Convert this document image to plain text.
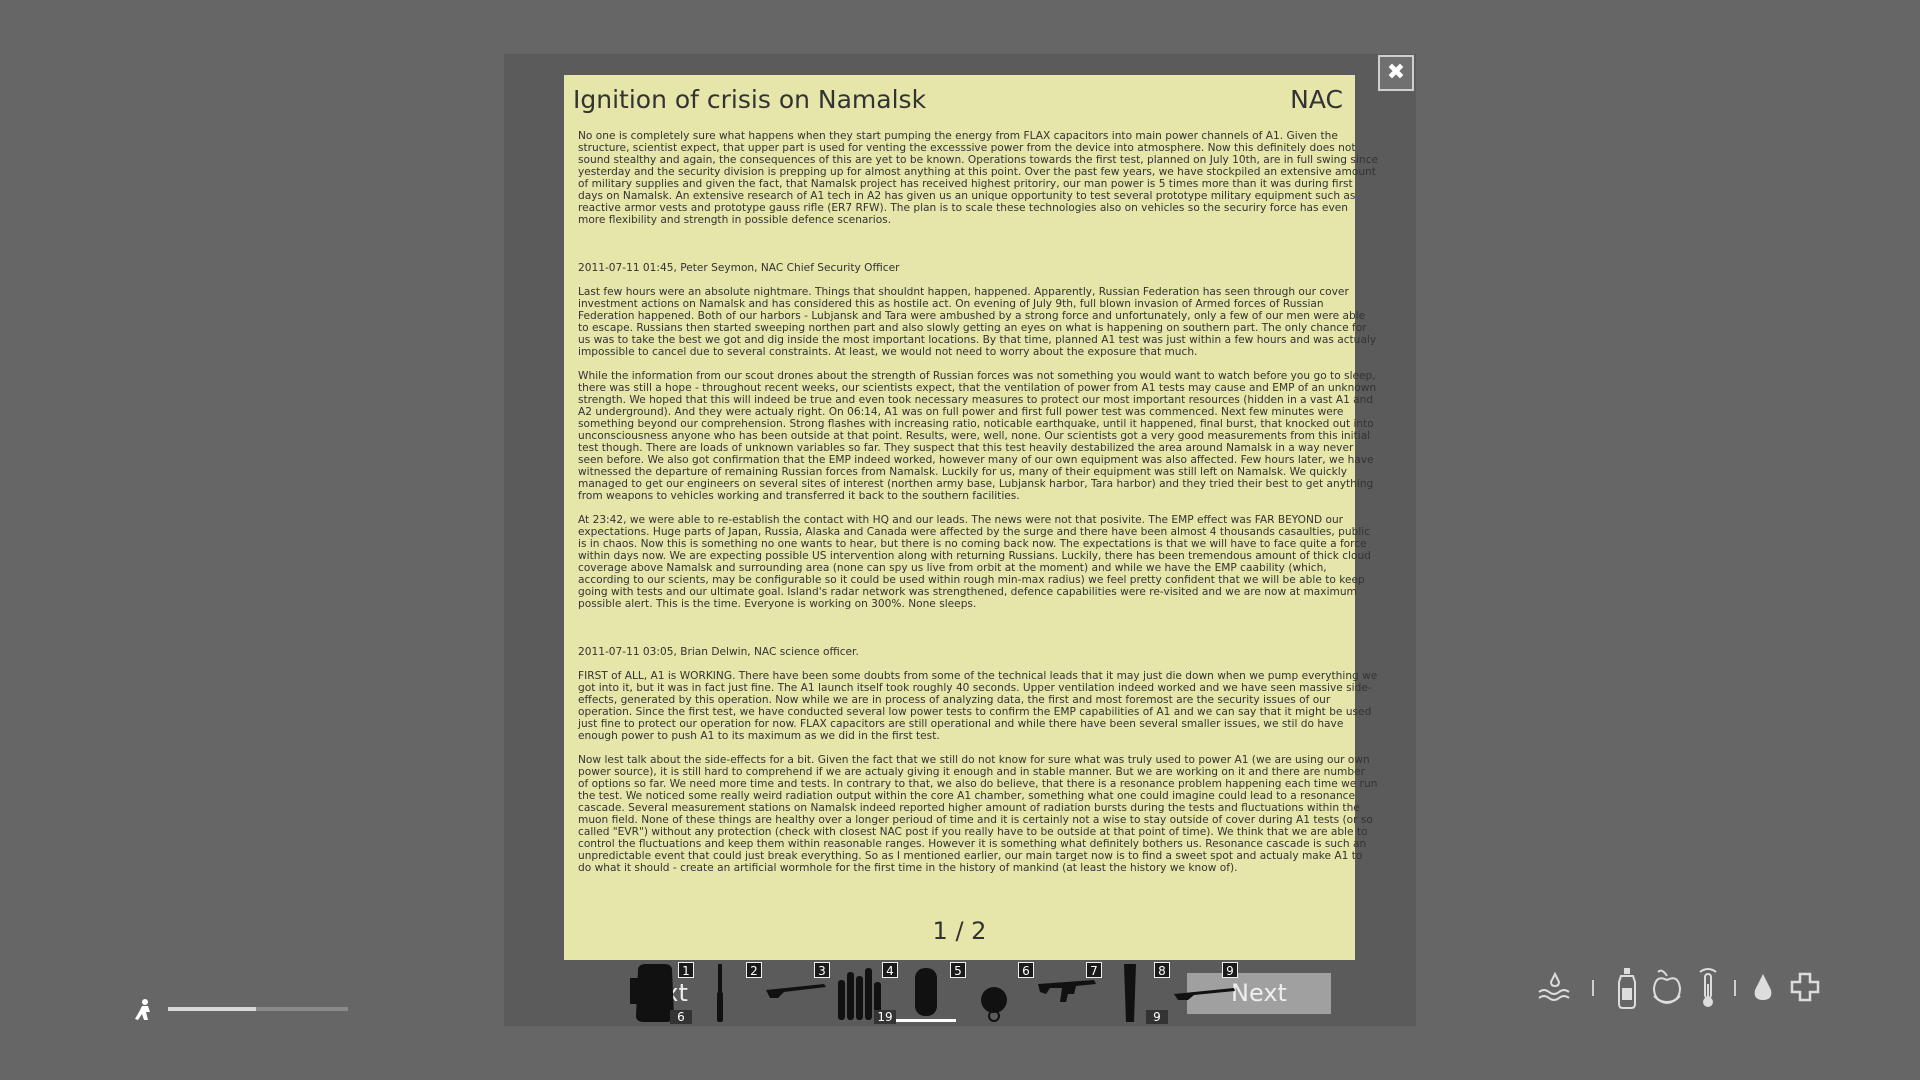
✖
Ignition of crisis on Namalsk	NAC

No one is completely sure what happens when they start pumping the energy from FLAX capacitors into main power channels of A1. Given the structure, scientist expect, that upper part is used for venting the excesssive power from the device into atmosphere. Now this definitely does not sound stealthy and again, the consequences of this are yet to be known. Operations towards the first test, planned on July 10th, are in full swing since yesterday and the security division is prepping up for almost anything at this point. Over the past few years, we have stockpiled an extensive amount of military supplies and given the fact, that Namalsk project has received highest pritoriry, our man power is 5 times more than it was during first days on Namalsk. An extensive research of A1 tech in A2 has given us an unique opportunity to test several prototype military equipment such as reactive armor vests and prototype gauss rifle (ER7 RFW). The plan is to scale these technologies also on vehicles so the securiry force has even more flexibility and strength in possible defence scenarios.

2011-07-11 01:45, Peter Seymon, NAC Chief Security Officer

Last few hours were an absolute nightmare. Things that shouldnt happen, happened. Apparently, Russian Federation has seen through our cover investment actions on Namalsk and has considered this as hostile act. On evening of July 9th, full blown invasion of Armed forces of Russian Federation happened. Both of our harbors - Lubjansk and Tara were ambushed by a strong force and unfortunately, only a few of our men were able to escape. Russians then started sweeping northen part and also slowly getting an eyes on what is happening on southern part. The only chance for us was to take the best we got and dig inside the most important locations. By that time, planned A1 test was just within a few hours and was actualy impossible to cancel due to several constraints. At least, we would not need to worry about the exposure that much.

While the information from our scout drones about the strength of Russian forces was not something you would want to watch before you go to sleep, there was still a hope - throughout recent weeks, our scientists expect, that the ventilation of power from A1 tests may cause and EMP of an unknown strength. We hoped that this will indeed be true and even took necessary measures to protect our most important resources (hidden in a vast A1 and A2 underground). And they were actualy right. On 06:14, A1 was on full power and first full power test was commenced. Next few minutes were something beyond our comprehension. Strong flashes with increasing ratio, noticable earthquake, until it happened, final burst, that knocked out into unconsciousness anyone who has been outside at that point. Results, were, well, none. Our scientists got a very good measurements from this initial test though. There are loads of unknown variables so far. They suspect that this test heavily destabilized the area around Namalsk in a way never seen before. We also got confirmation that the EMP indeed worked, however many of our own equipment was also affected. Few hours later, we have witnessed the departure of remaining Russian forces from Namalsk. Luckily for us, many of their equipment was still left on Namalsk. We quickly managed to get our engineers on several sites of interest (northen army base, Lubjansk harbor, Tara harbor) and they tried their best to get anything from weapons to vehicles working and transferred it back to the southern facilities.

At 23:42, we were able to re-establish the contact with HQ and our leads. The news were not that posivite. The EMP effect was FAR BEYOND our expectations. Huge parts of Japan, Russia, Alaska and Canada were affected by the surge and there have been almost 4 thousands casaulties, public is in chaos. Now this is something no one wants to hear, but there is no coming back now. The expectations is that we will have to face quite a force within days now. We are expecting possible US intervention along with returning Russians. Luckily, there has been tremendous amount of thick cloud coverage above Namalsk and surrounding area (none can spy us live from orbit at the moment) and while we have the EMP caability (which, according to our scients, may be configurable so it could be used within rough min-max radius) we feel pretty confident that we will be able to keep going with tests and our ultimate goal. Island's radar network was strengthened, defence capabilities were re-visited and we are now at maximum possible alert. This is the time. Everyone is working on 300%. None sleeps.

2011-07-11 03:05, Brian Delwin, NAC science officer.

FIRST of ALL, A1 is WORKING. There have been some doubts from some of the technical leads that it may just die down when we pump everything we got into it, but it was in fact just fine. The A1 launch itself took roughly 40 seconds. Upper ventilation indeed worked and we have seen massive side-effects, generated by this operation. Now while we are in process of analyzing data, the first and most foremost are the security issues of our operation. Since the first test, we have conducted several low power tests to confirm the EMP capabilities of A1 and we can say that it might be used just fine to protect our operation for now. FLAX capacitors are still operational and while there have been several smaller issues, we stil do have enough power to push A1 to its maximum as we did in the first test.

Now lest talk about the side-effects for a bit. Given the fact that we still do not know for sure what was truly used to power A1 (we are using our own power source), it is still hard to comprehend if we are actualy giving it enough and in stable manner. But we are working on it and there are number of options so far. We need more time and tests. In contrary to that, we also do believe, that there is a resonance problem happening each time we run the test. We noticed some really weird radiation output within the core A1 chamber, something what one could imagine could lead to a resonance cascade. Several measurement stations on Namalsk indeed reported higher amount of radiation bursts during the tests and fluctuations within the muon field. None of these things are healthy over a longer perioud of time and it is certainly not a wise to stay outside of cover during A1 tests (or so called "EVR") without any protection (check with closest NAC post if you really have to be outside at that point of time). We think that we are able to control the fluctuations and keep them within reasonable ranges. However it is something what definitely bothers us. Resonance cascade is such an unpredictable event that could just break everything. So as I mentioned earlier, our main target now is to find a sweet spot and actualy make A1 to do what it should - create an artificial wormhole for the first time in the history of mankind (at least the history we know of).

1 / 2
Next
1
6
2	3	4
19
5	6	7	8
9
9
